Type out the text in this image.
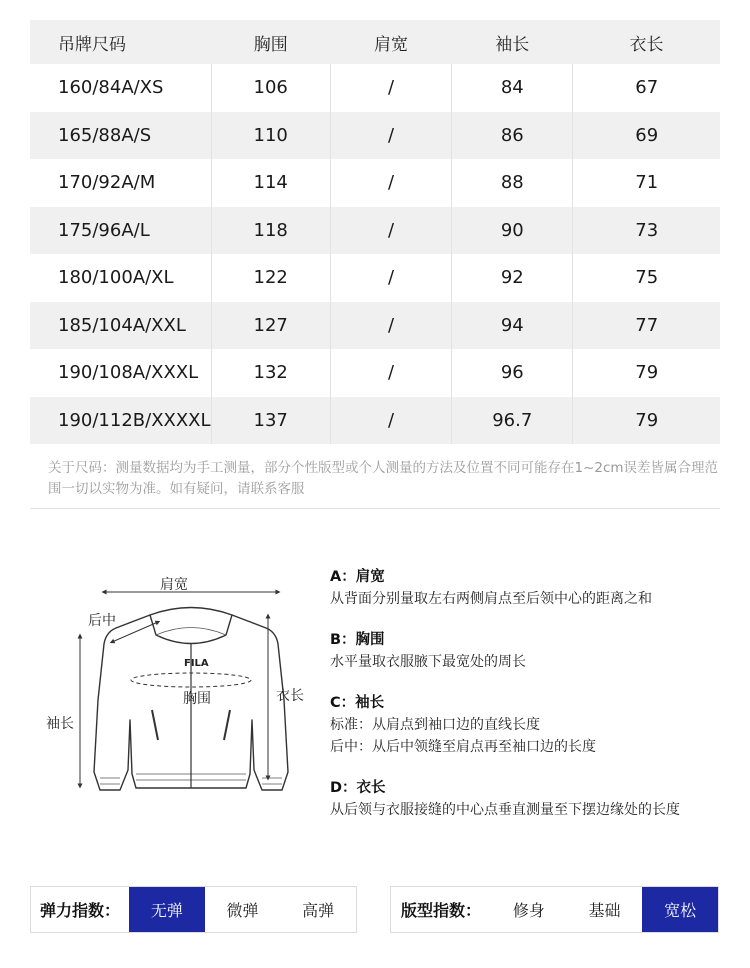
吊牌尺码	胸围	肩宽	袖长	衣长
160/84A/XS	106	/	84	67
165/88A/S	110	/	86	69
170/92A/M	114	/	88	71
175/96A/L	118	/	90	73
180/100A/XL	122	/	92	75
185/104A/XXL	127	/	94	77
190/108A/XXXL	132	/	96	79
190/112B/XXXXL	137	/	96.7	79

关于尺码：测量数据均为手工测量，部分个性版型或个人测量的方法及位置不同可能存在1~2cm误差皆属合理范围一切以实物为准。如有疑问，请联系客服

肩宽
后中
胸围
袖长
衣长
FILA
A：肩宽
从背面分别量取左右两侧肩点至后领中心的距离之和
B：胸围
水平量取衣服腋下最宽处的周长
C：袖长
标准：从肩点到袖口边的直线长度
后中：从后中领缝至肩点再至袖口边的长度
D：衣长
从后领与衣服接缝的中心点垂直测量至下摆边缘处的长度
弹力指数：	无弹	微弹	高弹	版型指数：	修身	基础	宽松
